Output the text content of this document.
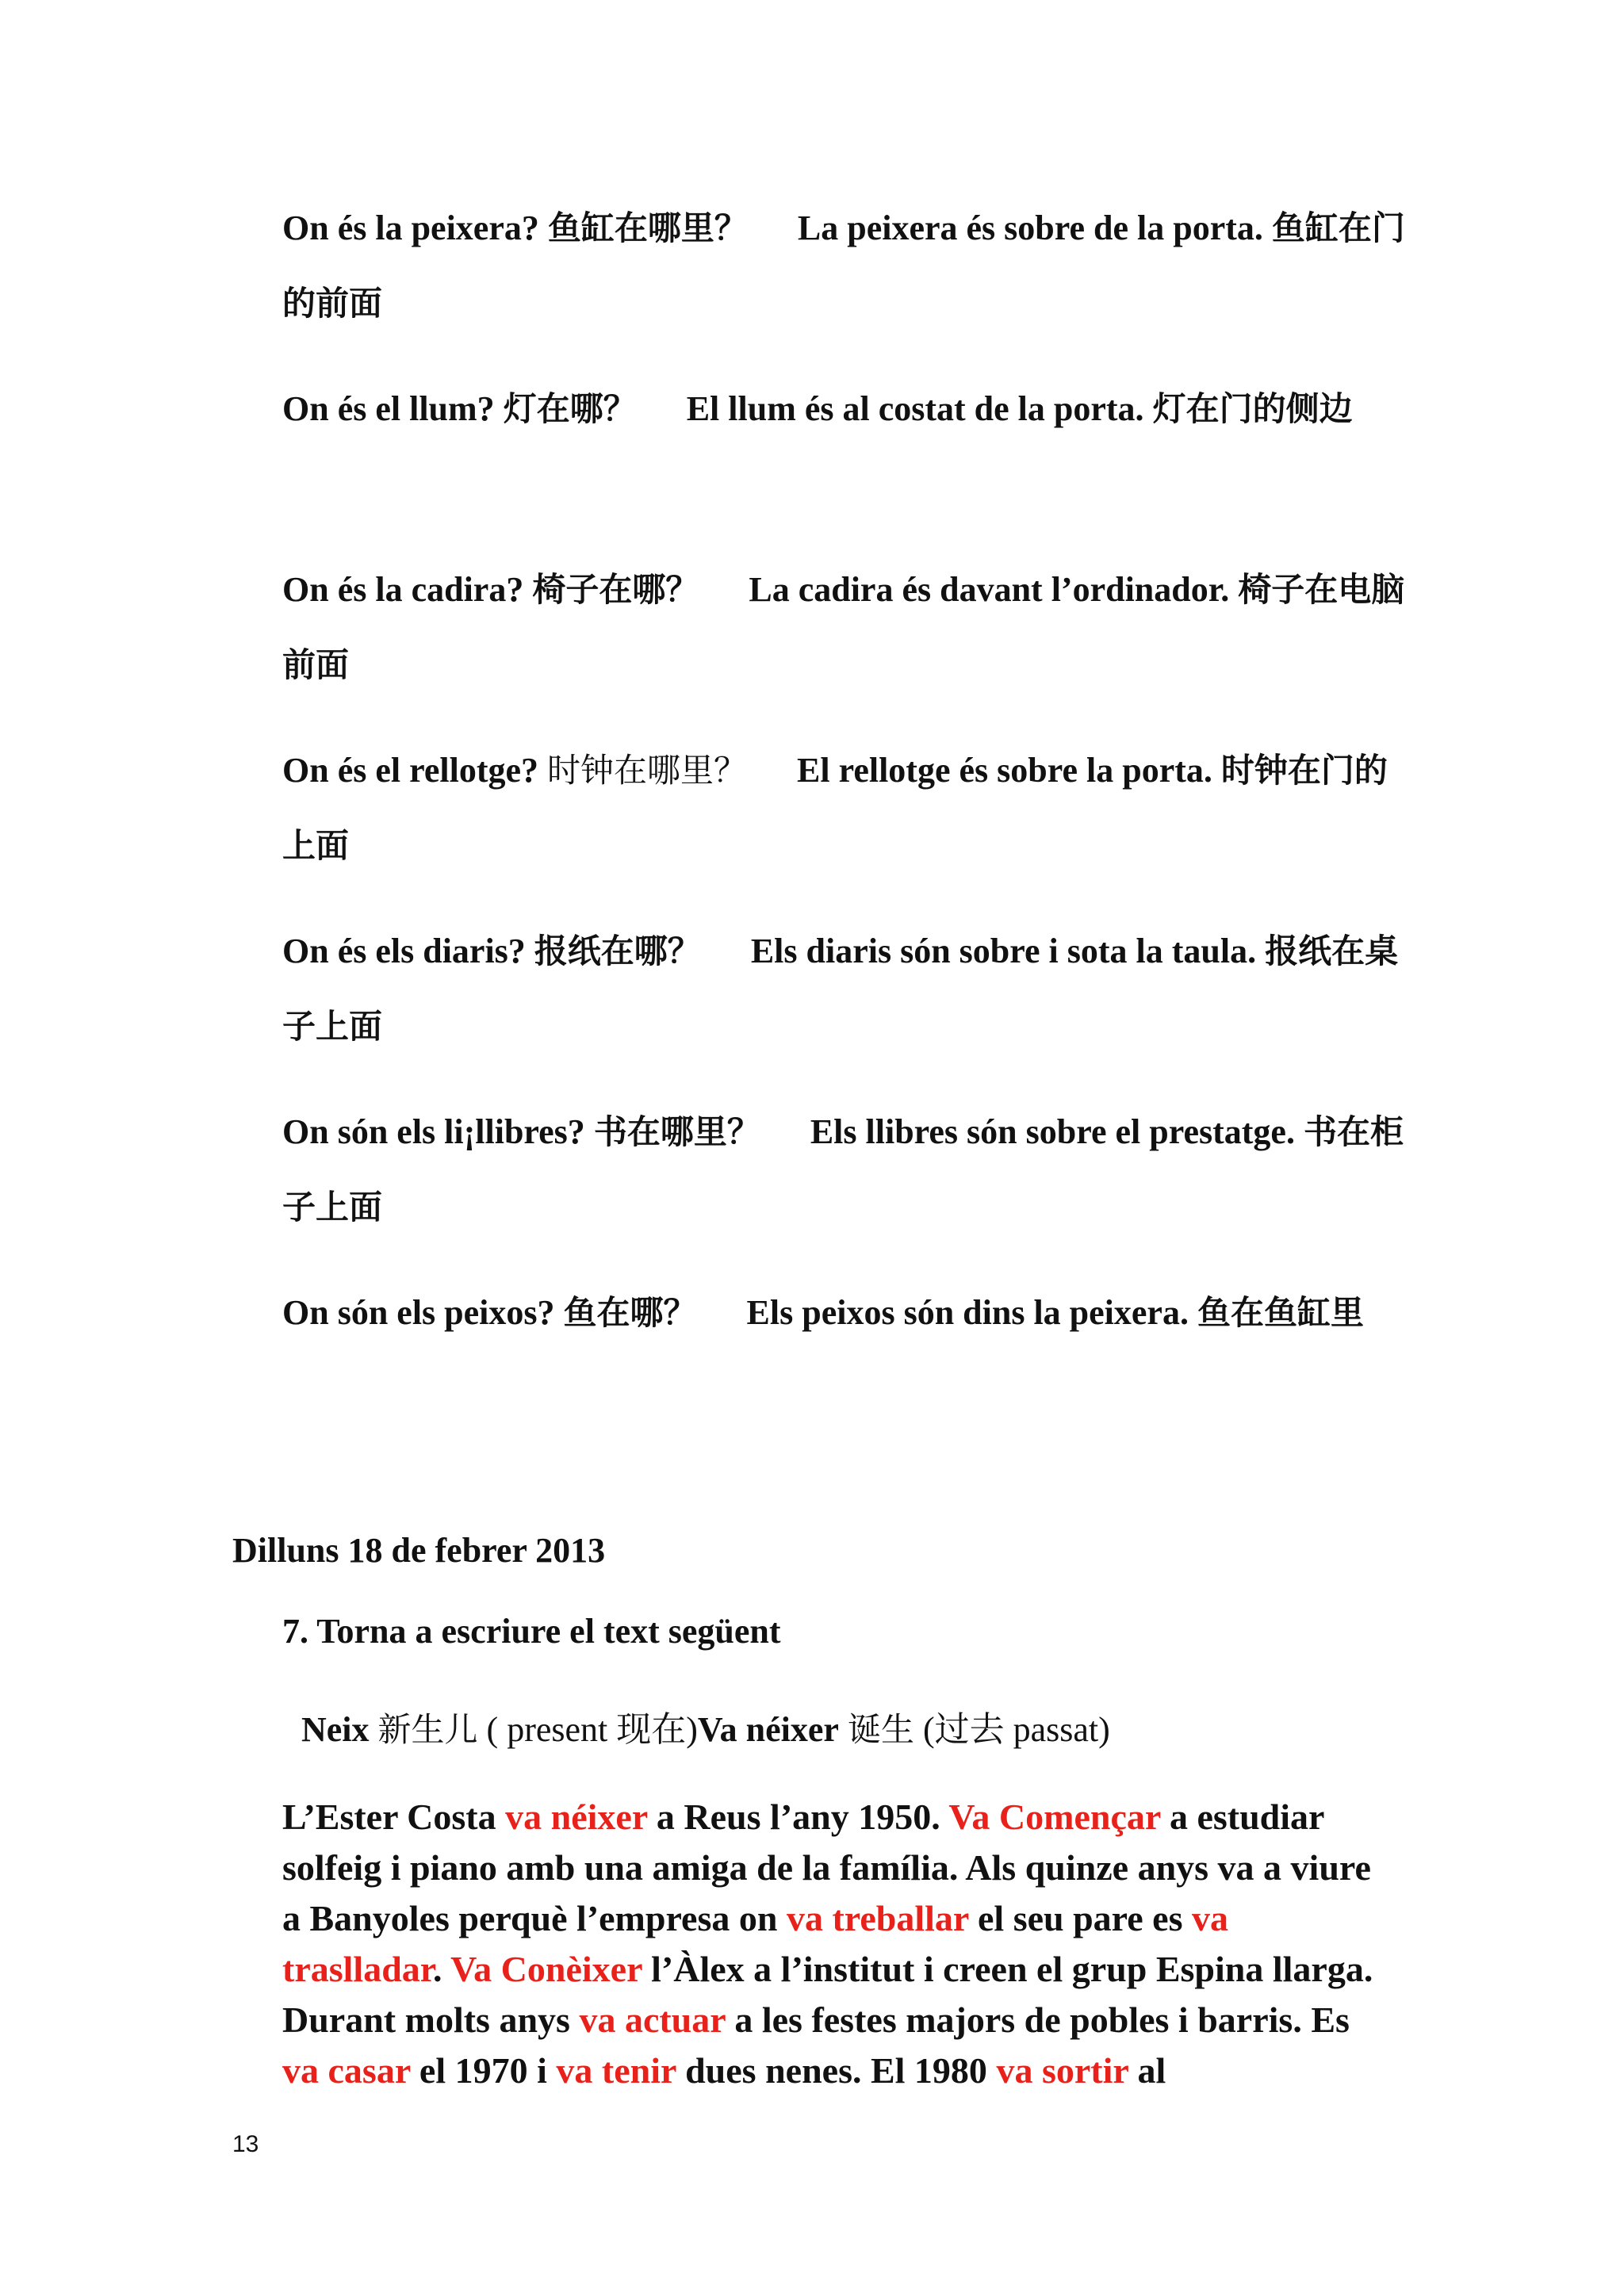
On és la peixera? 鱼缸在哪里？ La peixera és sobre de la porta. 鱼缸在门的前面
On és el llum? 灯在哪？ El llum és al costat de la porta. 灯在门的侧边
On és la cadira? 椅子在哪？ La cadira és davant l’ordinador. 椅子在电脑前面
On és el rellotge? 时钟在哪里？ El rellotge és sobre la porta. 时钟在门的上面
On és els diaris? 报纸在哪？ Els diaris són sobre i sota la taula. 报纸在桌子上面
On són els li¡llibres? 书在哪里？ Els llibres són sobre el prestatge. 书在柜子上面
On són els peixos? 鱼在哪？ Els peixos són dins la peixera. 鱼在鱼缸里
Dilluns 18 de febrer 2013
7. Torna a escriure el text següent
Neix 新生儿 ( present 现在)Va néixer 诞生 (过去 passat)
L’Ester Costa va néixer a Reus l’any 1950. Va Començar a estudiar solfeig i piano amb una amiga de la família. Als quinze anys va a viure a Banyoles perquè l’empresa on va treballar el seu pare es va traslladar. Va Conèixer l’Àlex a l’institut i creen el grup Espina llarga. Durant molts anys va actuar a les festes majors de pobles i barris. Es va casar el 1970 i va tenir dues nenes. El 1980 va sortir al
13
